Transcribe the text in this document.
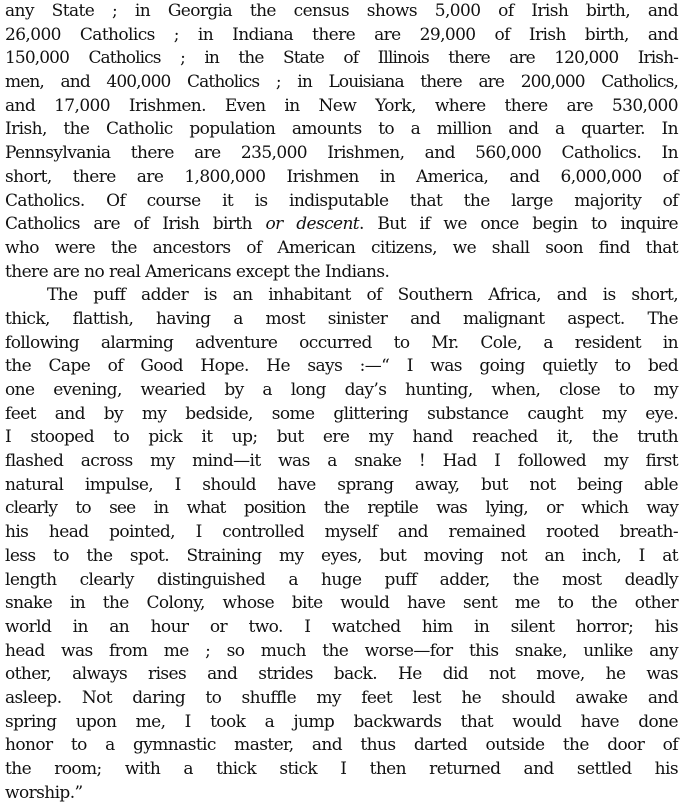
any State ; in Georgia the census shows 5,000 of Irish birth, and
26,000 Catholics ; in Indiana there are 29,000 of Irish birth, and
150,000 Catholics ; in the State of Illinois there are 120,000 Irish-
men, and 400,000 Catholics ; in Louisiana there are 200,000 Catholics,
and 17,000 Irishmen. Even in New York, where there are 530,000
Irish, the Catholic population amounts to a million and a quarter. In
Pennsylvania there are 235,000 Irishmen, and 560,000 Catholics. In
short, there are 1,800,000 Irishmen in America, and 6,000,000 of
Catholics. Of course it is indisputable that the large majority of
Catholics are of Irish birth or descent. But if we once begin to inquire
who were the ancestors of American citizens, we shall soon find that
there are no real Americans except the Indians.
The puff adder is an inhabitant of Southern Africa, and is short,
thick, flattish, having a most sinister and malignant aspect. The
following alarming adventure occurred to Mr. Cole, a resident in
the Cape of Good Hope. He says :—“ I was going quietly to bed
one evening, wearied by a long day’s hunting, when, close to my
feet and by my bedside, some glittering substance caught my eye.
I stooped to pick it up; but ere my hand reached it, the truth
flashed across my mind—it was a snake ! Had I followed my first
natural impulse, I should have sprang away, but not being able
clearly to see in what position the reptile was lying, or which way
his head pointed, I controlled myself and remained rooted breath-
less to the spot. Straining my eyes, but moving not an inch, I at
length clearly distinguished a huge puff adder, the most deadly
snake in the Colony, whose bite would have sent me to the other
world in an hour or two. I watched him in silent horror; his
head was from me ; so much the worse—for this snake, unlike any
other, always rises and strides back. He did not move, he was
asleep. Not daring to shuffle my feet lest he should awake and
spring upon me, I took a jump backwards that would have done
honor to a gymnastic master, and thus darted outside the door of
the room; with a thick stick I then returned and settled his
worship.”
